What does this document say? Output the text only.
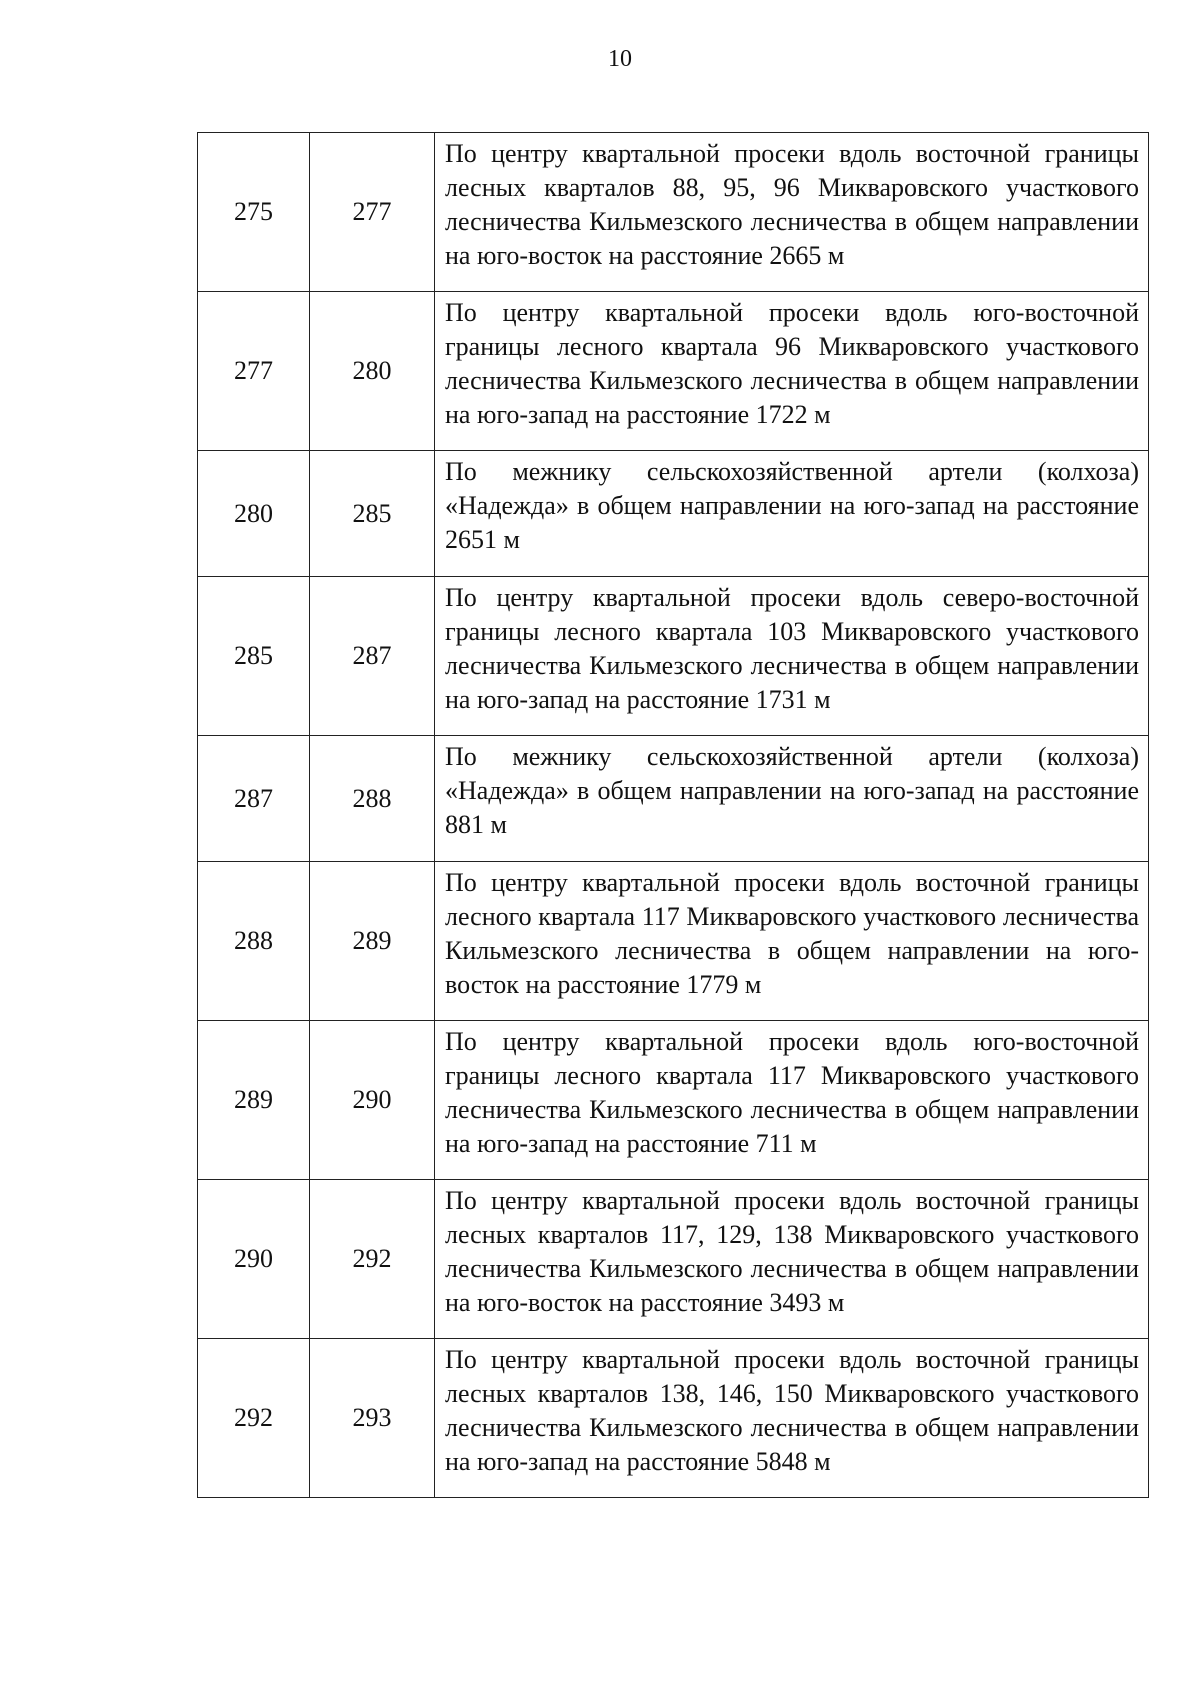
10
275	277	По центру квартальной просеки вдоль восточной границы лесных кварталов 88, 95, 96 Микваровского участкового лесничества Кильмезского лесничества в общем направлении на юго-восток на расстояние 2665 м

277	280	По центру квартальной просеки вдоль юго-восточной границы лесного квартала 96 Микваровского участкового лесничества Кильмезского лесничества в общем направлении на юго-запад на расстояние 1722 м

280	285	По межнику сельскохозяйственной артели (колхоза) «Надежда» в общем направлении на юго-запад на расстояние 2651 м

285	287	По центру квартальной просеки вдоль северо-восточной границы лесного квартала 103 Микваровского участкового лесничества Кильмезского лесничества в общем направлении на юго-запад на расстояние 1731 м

287	288	По межнику сельскохозяйственной артели (колхоза) «Надежда» в общем направлении на юго-запад на расстояние 881 м

288	289	По центру квартальной просеки вдоль восточной границы лесного квартала 117 Микваровского участкового лесничества Кильмезского лесничества в общем направлении на юго-восток на расстояние 1779 м

289	290	По центру квартальной просеки вдоль юго-восточной границы лесного квартала 117 Микваровского участкового лесничества Кильмезского лесничества в общем направлении на юго-запад на расстояние 711 м

290	292	По центру квартальной просеки вдоль восточной границы лесных кварталов 117, 129, 138 Микваровского участкового лесничества Кильмезского лесничества в общем направлении на юго-восток на расстояние 3493 м

292	293	По центру квартальной просеки вдоль восточной границы лесных кварталов 138, 146, 150 Микваровского участкового лесничества Кильмезского лесничества в общем направлении на юго-запад на расстояние 5848 м
